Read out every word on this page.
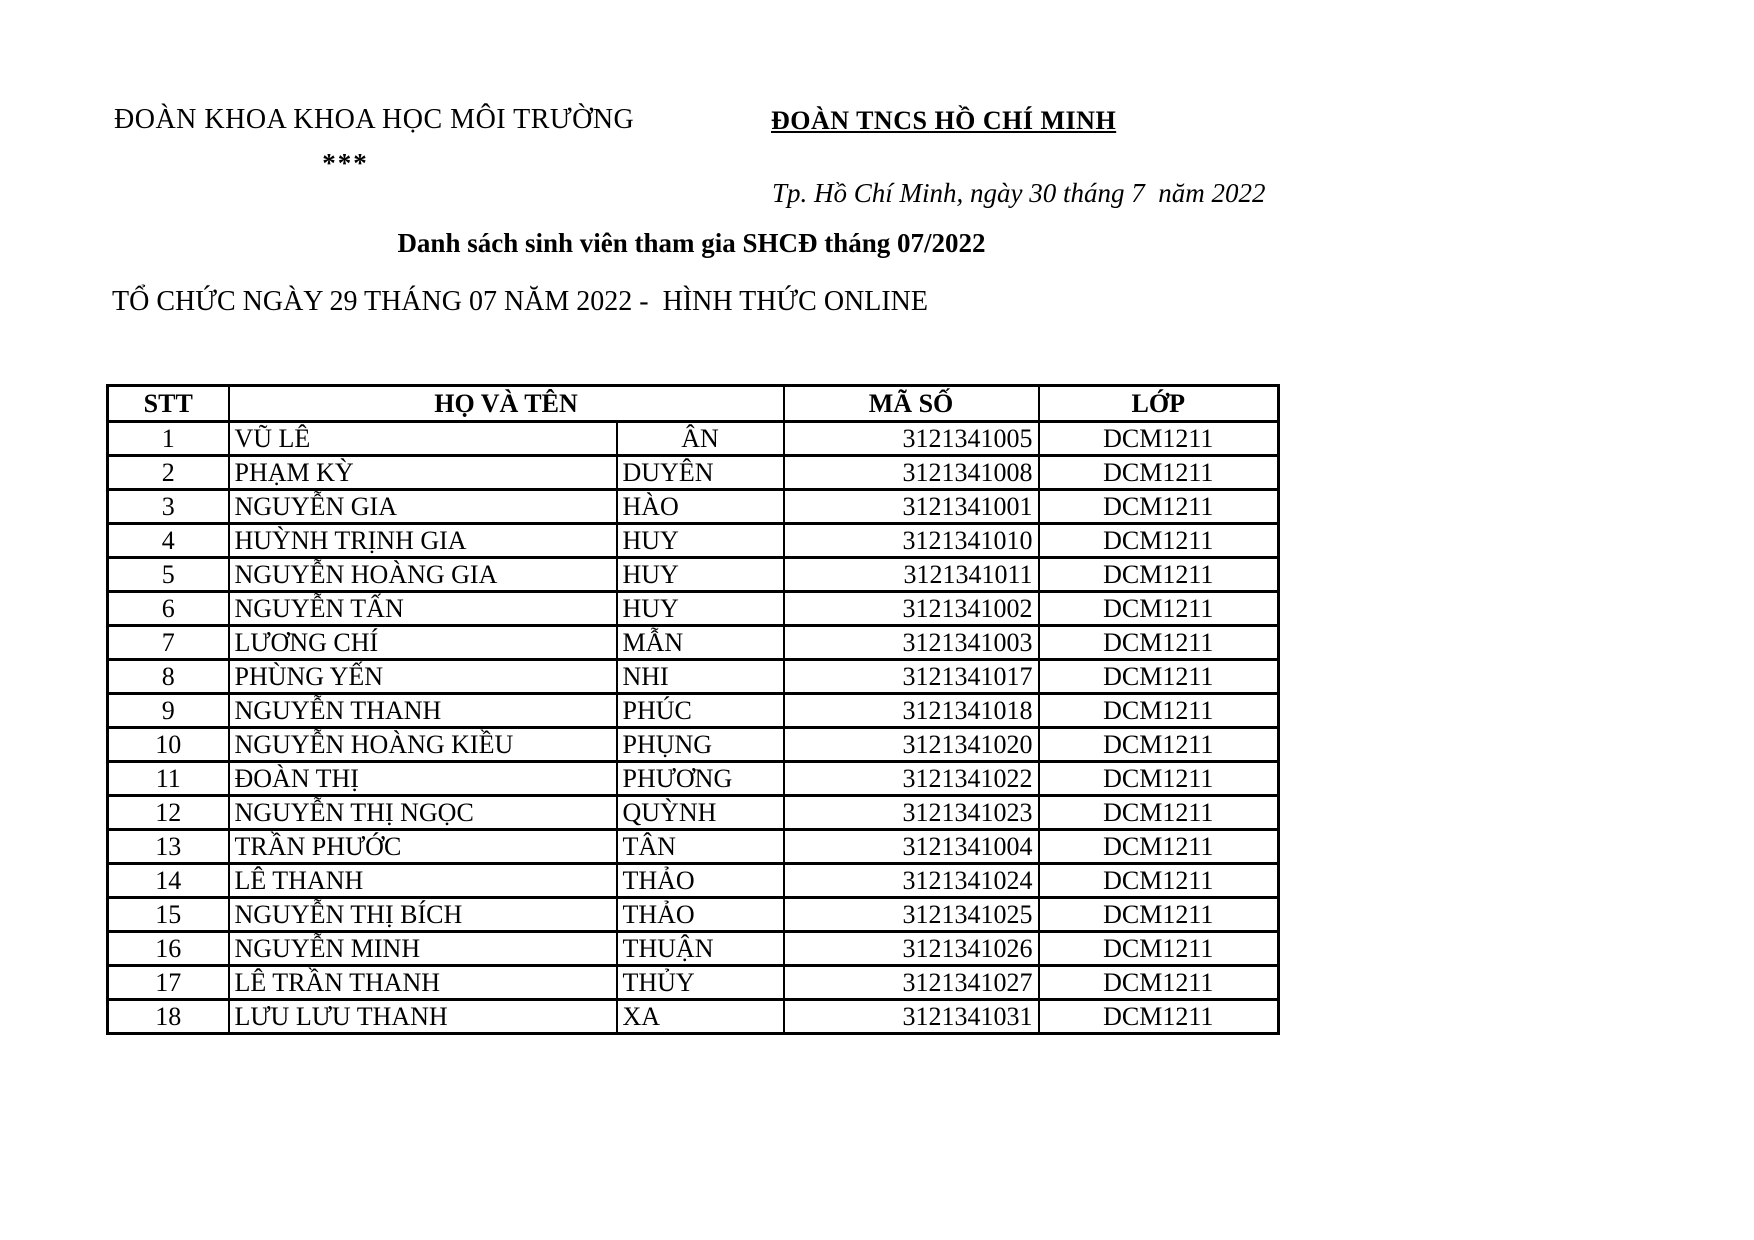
ĐOÀN KHOA KHOA HỌC MÔI TRƯỜNG
***
ĐOÀN TNCS HỒ CHÍ MINH
Tp. Hồ Chí Minh, ngày 30 tháng 7  năm 2022
Danh sách sinh viên tham gia SHCĐ tháng 07/2022
TỔ CHỨC NGÀY 29 THÁNG 07 NĂM 2022 -  HÌNH THỨC ONLINE
STT	HỌ VÀ TÊN		MÃ SỐ	LỚP
1	VŨ LÊ	ÂN	3121341005	DCM1211
2	PHẠM KỲ	DUYÊN	3121341008	DCM1211
3	NGUYỄN GIA	HÀO	3121341001	DCM1211
4	HUỲNH TRỊNH GIA	HUY	3121341010	DCM1211
5	NGUYỄN HOÀNG GIA	HUY	3121341011	DCM1211
6	NGUYỄN TẤN	HUY	3121341002	DCM1211
7	LƯƠNG CHÍ	MẪN	3121341003	DCM1211
8	PHÙNG YẾN	NHI	3121341017	DCM1211
9	NGUYỄN THANH	PHÚC	3121341018	DCM1211
10	NGUYỄN HOÀNG KIỀU	PHỤNG	3121341020	DCM1211
11	ĐOÀN THỊ	PHƯƠNG	3121341022	DCM1211
12	NGUYỄN THỊ NGỌC	QUỲNH	3121341023	DCM1211
13	TRẦN PHƯỚC	TÂN	3121341004	DCM1211
14	LÊ THANH	THẢO	3121341024	DCM1211
15	NGUYỄN THỊ BÍCH	THẢO	3121341025	DCM1211
16	NGUYỄN MINH	THUẬN	3121341026	DCM1211
17	LÊ TRẦN THANH	THỦY	3121341027	DCM1211
18	LƯU LƯU THANH	XA	3121341031	DCM1211
